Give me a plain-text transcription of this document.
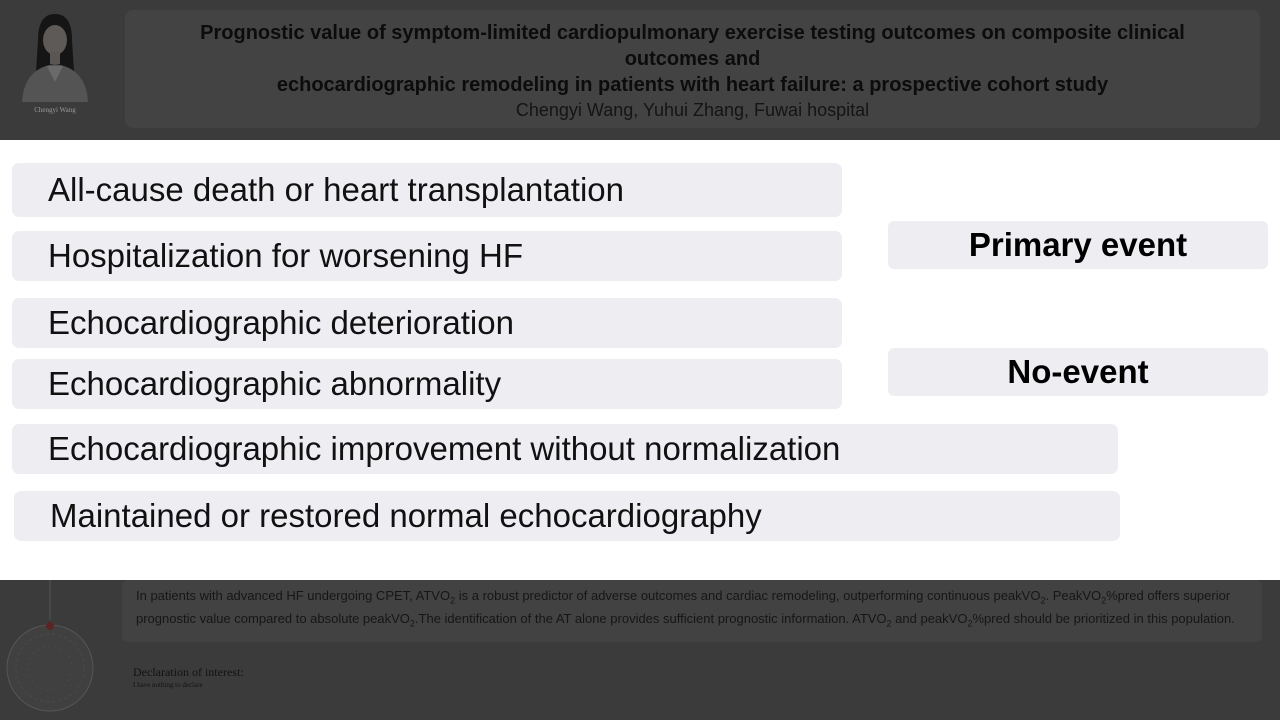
Chengyi Wang
Prognostic value of symptom-limited cardiopulmonary exercise testing outcomes on composite clinical outcomes and
echocardiographic remodeling in patients with heart failure: a prospective cohort study
Chengyi Wang, Yuhui Zhang, Fuwai hospital
All-cause death or heart transplantation
Hospitalization for worsening HF
Echocardiographic deterioration
Echocardiographic abnormality
Echocardiographic improvement without normalization
Maintained or restored normal echocardiography
Primary event
No-event
In patients with advanced HF undergoing CPET, $ATVO_2$ is a robust predictor of adverse outcomes and cardiac remodeling, outperforming continuous peakVO$_2$. PeakVO$_2$%pred offers superior prognostic value compared to absolute peakVO$_2$.The identification of the AT alone provides sufficient prognostic information. $ATVO_2$ and peakVO$_2$%pred should be prioritized in this population.
Declaration of interest:
I have nothing to declare
